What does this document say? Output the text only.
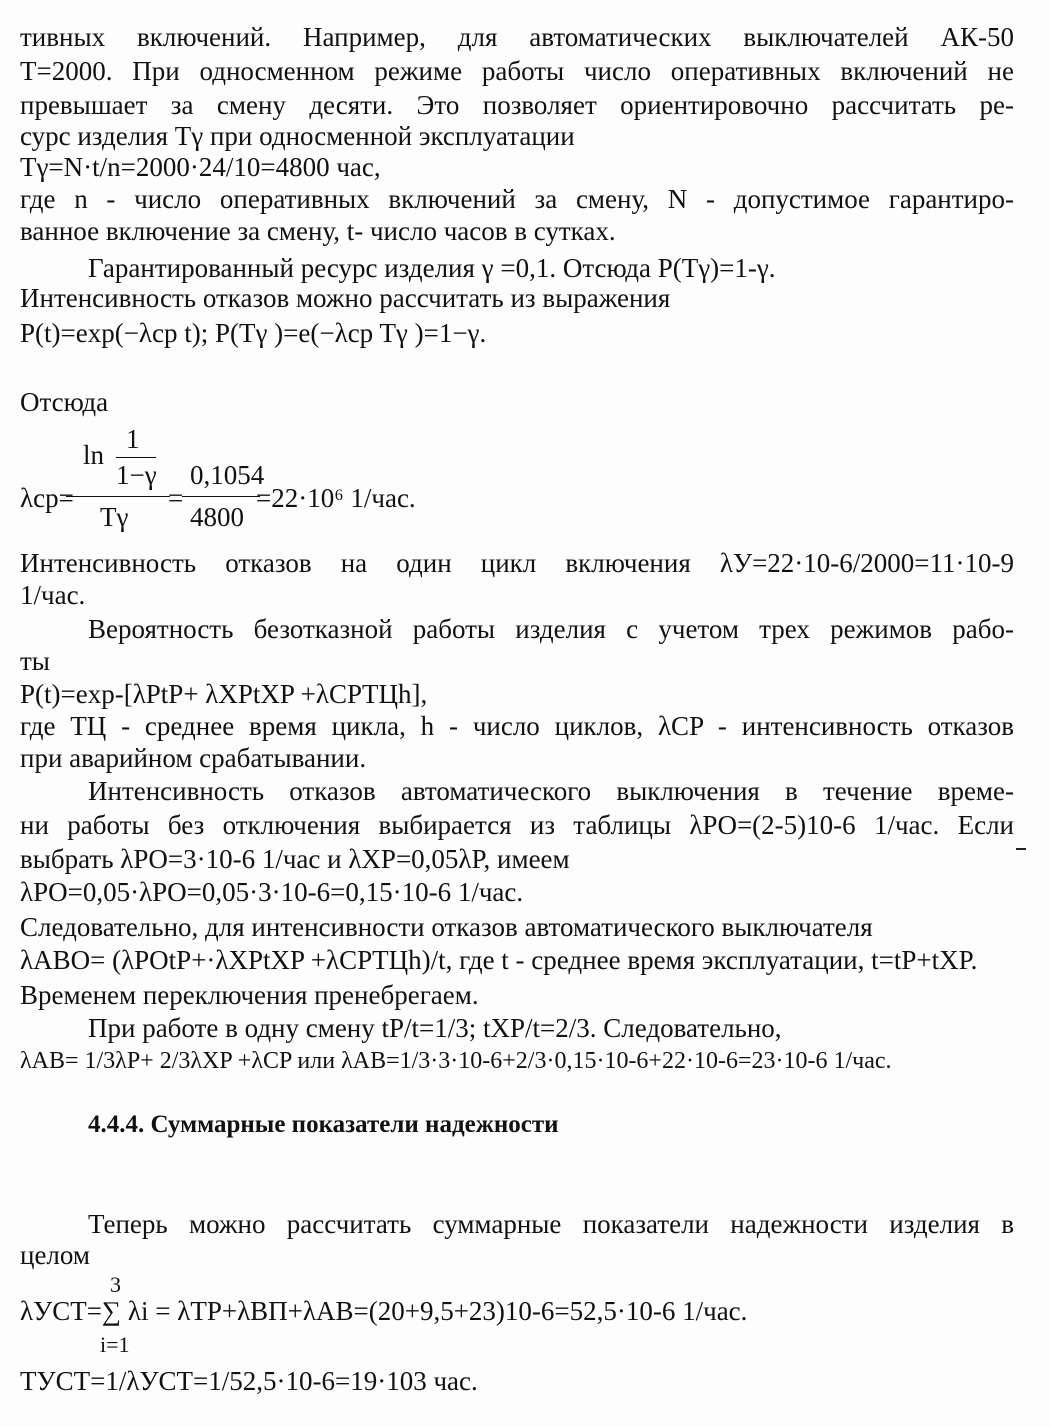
тивных включений. Например, для автоматических выключателей АК-50
T=2000. При односменном режиме работы число оперативных включений не
превышает за смену десяти. Это позволяет ориентировочно рассчитать ре-
сурс изделия Tγ при односменной эксплуатации
Tγ=N·t/n=2000·24/10=4800 час,
где n - число оперативных включений за смену, N - допустимое гарантиро-
ванное включение за смену, t- число часов в сутках.
Гарантированный ресурс изделия γ =0,1. Отсюда P(Tγ)=1-γ.
Интенсивность отказов можно рассчитать из выражения
P(t)=exp(−λcp t); P(Tγ )=e(−λcp Tγ )=1−γ.
Отсюда
ln
1
1−γ
λcp=
Tγ
=
0,1054
4800
=22·10⁶ 1/час.
Интенсивность отказов на один цикл включения λУ=22·10-6/2000=11·10-9
1/час.
Вероятность безотказной работы изделия с учетом трех режимов рабо-
ты
P(t)=exp-[λPtP+ λXPtXP +λCPTЦh],
где TЦ - среднее время цикла, h - число циклов, λCP - интенсивность отказов
при аварийном срабатывании.
Интенсивность отказов автоматического выключения в течение време-
ни работы без отключения выбирается из таблицы λPO=(2-5)10-6 1/час. Если
выбрать λPO=3·10-6 1/час и λXP=0,05λP, имеем
λPO=0,05·λPO=0,05·3·10-6=0,15·10-6 1/час.
Следовательно, для интенсивности отказов автоматического выключателя
λABO= (λPOtP+·λXPtXP +λCPTЦh)/t, где t - среднее время эксплуатации, t=tP+tXP.
Временем переключения пренебрегаем.
При работе в одну смену tP/t=1/3; tXP/t=2/3. Следовательно,
λAB= 1/3λP+ 2/3λXP +λCP или λAB=1/3·3·10-6+2/3·0,15·10-6+22·10-6=23·10-6 1/час.
4.4.4. Суммарные показатели надежности
Теперь можно рассчитать суммарные показатели надежности изделия в
целом
3
λУСТ=∑ λi = λTP+λВП+λAB=(20+9,5+23)10-6=52,5·10-6 1/час.
i=1
TУСТ=1/λУСТ=1/52,5·10-6=19·103 час.
